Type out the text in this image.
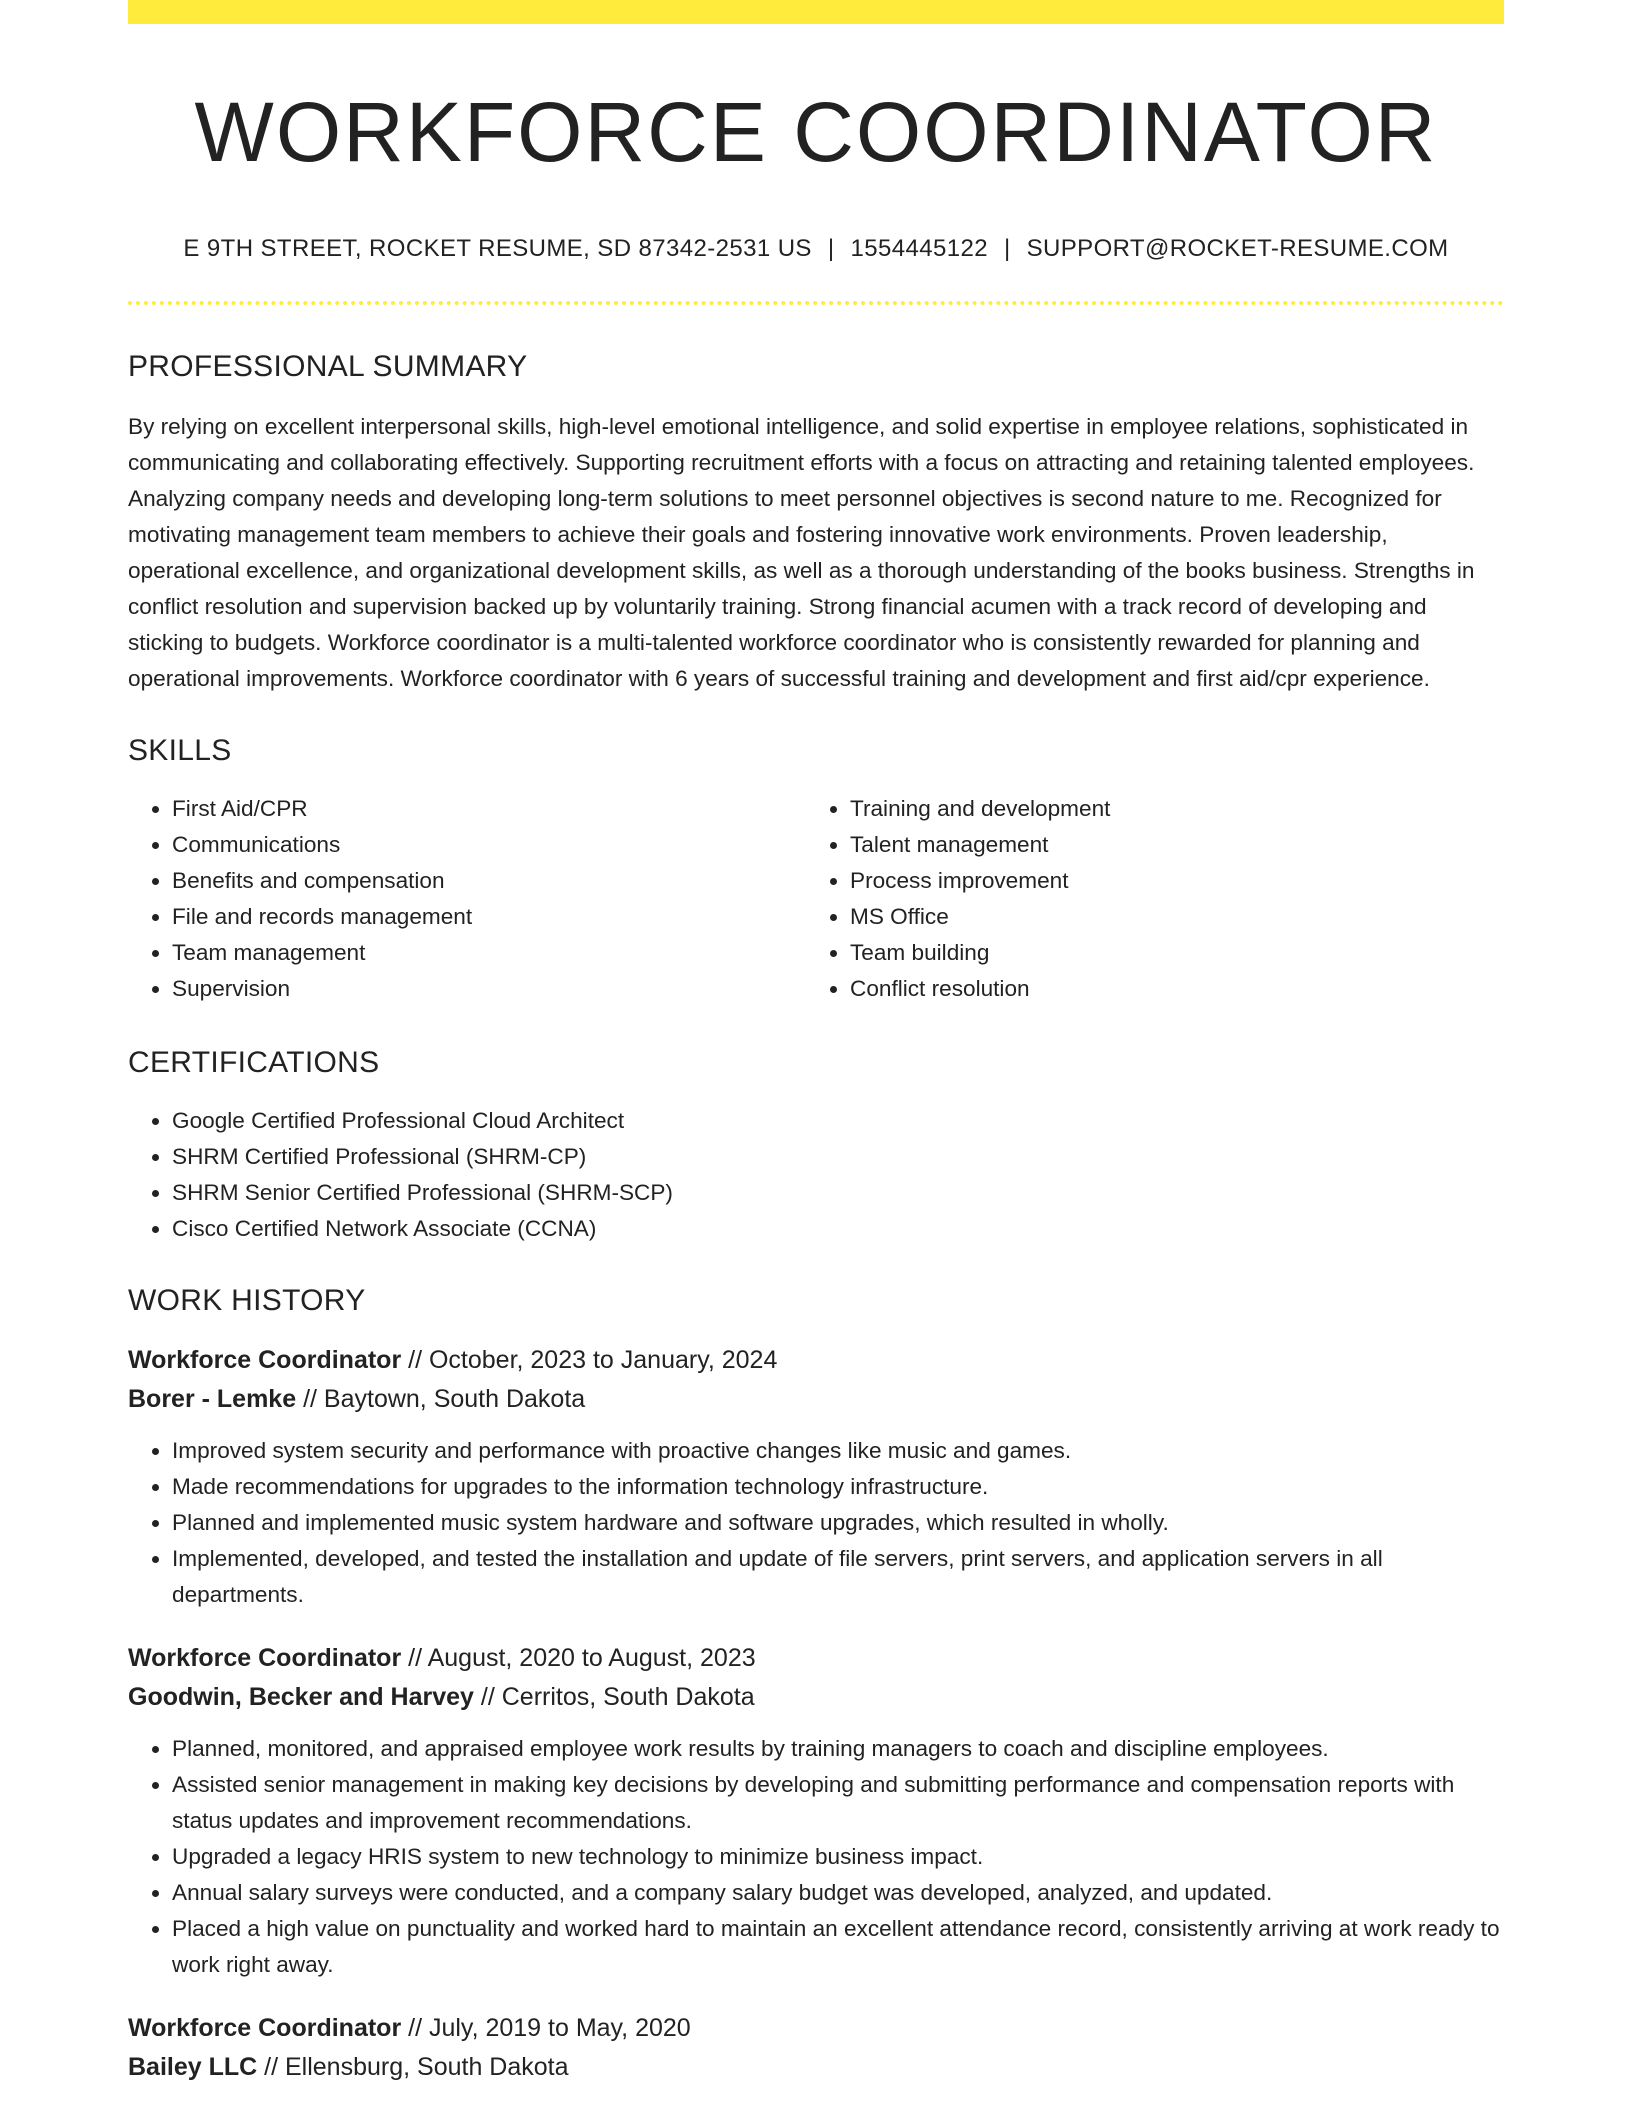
WORKFORCE COORDINATOR
E 9TH STREET, ROCKET RESUME, SD 87342-2531 US | 1554445122 | SUPPORT@ROCKET-RESUME.COM
PROFESSIONAL SUMMARY

By relying on excellent interpersonal skills, high-level emotional intelligence, and solid expertise in employee relations, sophisticated in communicating and collaborating effectively. Supporting recruitment efforts with a focus on attracting and retaining talented employees. Analyzing company needs and developing long-term solutions to meet personnel objectives is second nature to me. Recognized for motivating management team members to achieve their goals and fostering innovative work environments. Proven leadership, operational excellence, and organizational development skills, as well as a thorough understanding of the books business. Strengths in conflict resolution and supervision backed up by voluntarily training. Strong financial acumen with a track record of developing and sticking to budgets. Workforce coordinator is a multi-talented workforce coordinator who is consistently rewarded for planning and operational improvements. Workforce coordinator with 6 years of successful training and development and first aid/cpr experience.

SKILLS
• First Aid/CPR
• Communications
• Benefits and compensation
• File and records management
• Team management
• Supervision
• Training and development
• Talent management
• Process improvement
• MS Office
• Team building
• Conflict resolution
CERTIFICATIONS
• Google Certified Professional Cloud Architect
• SHRM Certified Professional (SHRM-CP)
• SHRM Senior Certified Professional (SHRM-SCP)
• Cisco Certified Network Associate (CCNA)
WORK HISTORY
Workforce Coordinator // October, 2023 to January, 2024
Borer - Lemke // Baytown, South Dakota
• Improved system security and performance with proactive changes like music and games.
• Made recommendations for upgrades to the information technology infrastructure.
• Planned and implemented music system hardware and software upgrades, which resulted in wholly.
• Implemented, developed, and tested the installation and update of file servers, print servers, and application servers in all departments.
Workforce Coordinator // August, 2020 to August, 2023
Goodwin, Becker and Harvey // Cerritos, South Dakota
• Planned, monitored, and appraised employee work results by training managers to coach and discipline employees.
• Assisted senior management in making key decisions by developing and submitting performance and compensation reports with status updates and improvement recommendations.
• Upgraded a legacy HRIS system to new technology to minimize business impact.
• Annual salary surveys were conducted, and a company salary budget was developed, analyzed, and updated.
• Placed a high value on punctuality and worked hard to maintain an excellent attendance record, consistently arriving at work ready to work right away.
Workforce Coordinator // July, 2019 to May, 2020
Bailey LLC // Ellensburg, South Dakota
